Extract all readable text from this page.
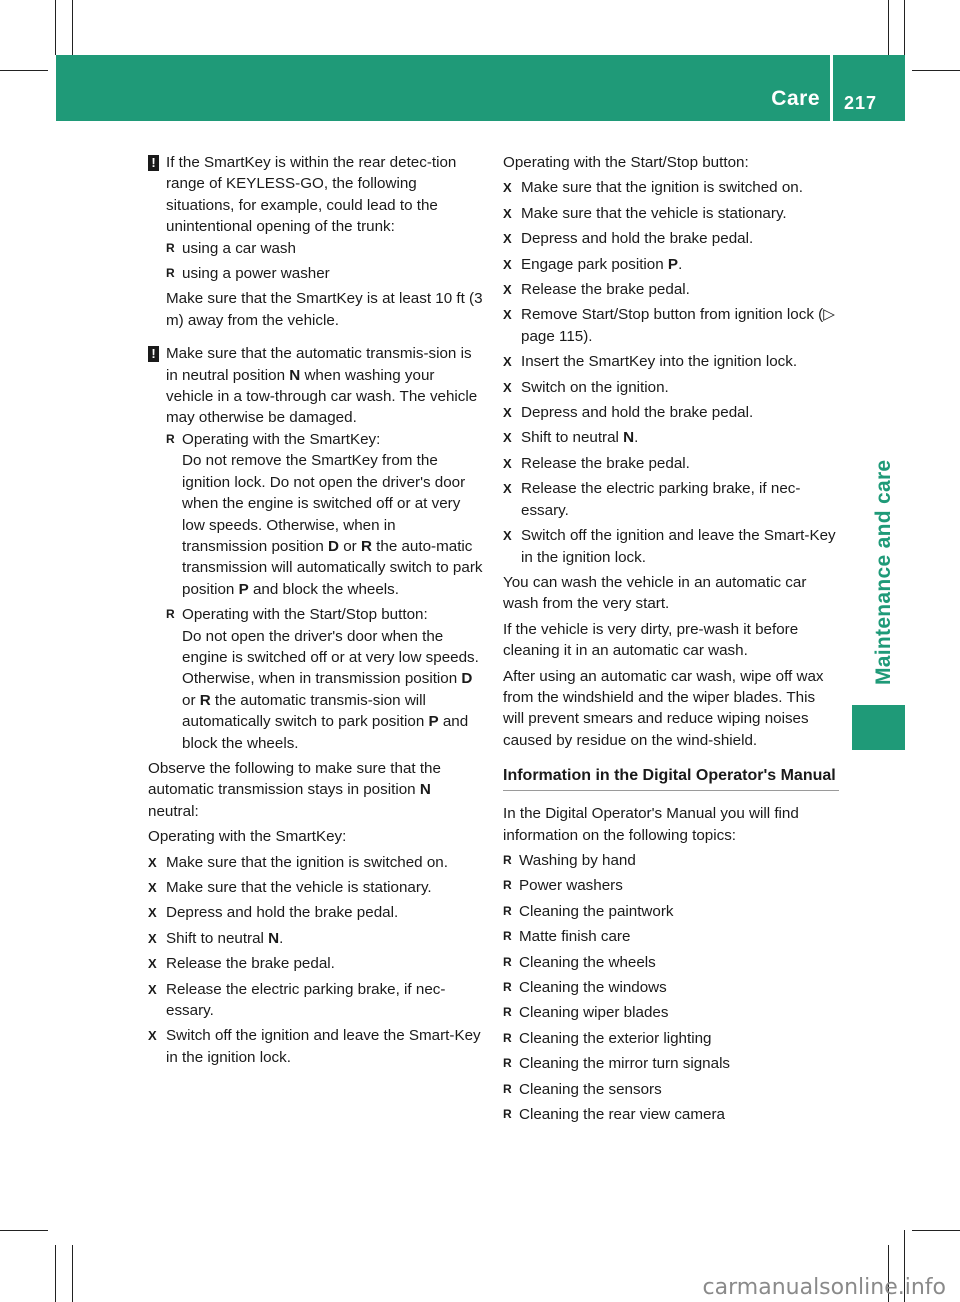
Care 217
Maintenance and care
! If the SmartKey is within the rear detec-tion range of KEYLESS-GO, the following situations, for example, could lead to the unintentional opening of the trunk:
R using a car wash
R using a power washer
Make sure that the SmartKey is at least 10 ft (3 m) away from the vehicle.
! Make sure that the automatic transmis-sion is in neutral position N when washing your vehicle in a tow-through car wash. The vehicle may otherwise be damaged.
R Operating with the SmartKey:
Do not remove the SmartKey from the ignition lock. Do not open the driver's door when the engine is switched off or at very low speeds. Otherwise, when in transmission position D or R the auto-matic transmission will automatically switch to park position P and block the wheels.
R Operating with the Start/Stop button:
Do not open the driver's door when the engine is switched off or at very low speeds. Otherwise, when in transmission position D or R the automatic transmis-sion will automatically switch to park position P and block the wheels.
Observe the following to make sure that the automatic transmission stays in position N neutral:
Operating with the SmartKey:
X Make sure that the ignition is switched on.
X Make sure that the vehicle is stationary.
X Depress and hold the brake pedal.
X Shift to neutral N.
X Release the brake pedal.
X Release the electric parking brake, if nec-essary.
X Switch off the ignition and leave the Smart-Key in the ignition lock.
Operating with the Start/Stop button:
X Make sure that the ignition is switched on.
X Make sure that the vehicle is stationary.
X Depress and hold the brake pedal.
X Engage park position P.
X Release the brake pedal.
X Remove Start/Stop button from ignition lock (▷ page 115).
X Insert the SmartKey into the ignition lock.
X Switch on the ignition.
X Depress and hold the brake pedal.
X Shift to neutral N.
X Release the brake pedal.
X Release the electric parking brake, if nec-essary.
X Switch off the ignition and leave the Smart-Key in the ignition lock.
You can wash the vehicle in an automatic car wash from the very start.
If the vehicle is very dirty, pre-wash it before cleaning it in an automatic car wash.
After using an automatic car wash, wipe off wax from the windshield and the wiper blades. This will prevent smears and reduce wiping noises caused by residue on the wind-shield.
Information in the Digital Operator's Manual
In the Digital Operator's Manual you will find information on the following topics:
R Washing by hand
R Power washers
R Cleaning the paintwork
R Matte finish care
R Cleaning the wheels
R Cleaning the windows
R Cleaning wiper blades
R Cleaning the exterior lighting
R Cleaning the mirror turn signals
R Cleaning the sensors
R Cleaning the rear view camera
carmanualsonline.info
